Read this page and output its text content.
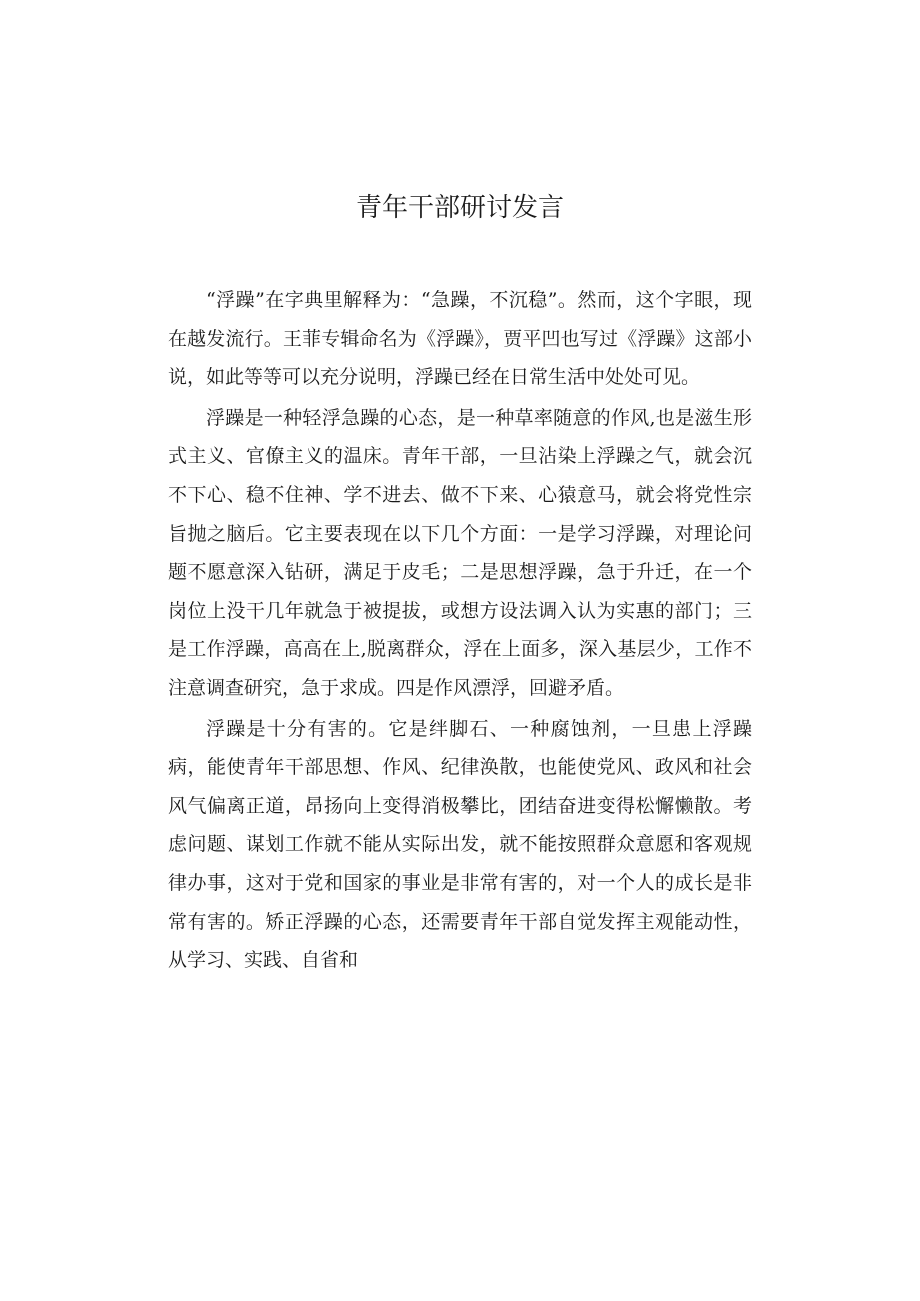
青年干部研讨发言

“浮躁”在字典里解释为：“急躁，不沉稳”。然而，这个字眼，现在越发流行。王菲专辑命名为《浮躁》，贾平凹也写过《浮躁》这部小说，如此等等可以充分说明，浮躁已经在日常生活中处处可见。

浮躁是一种轻浮急躁的心态，是一种草率随意的作风,也是滋生形式主义、官僚主义的温床。青年干部，一旦沾染上浮躁之气，就会沉不下心、稳不住神、学不进去、做不下来、心猿意马，就会将党性宗旨抛之脑后。它主要表现在以下几个方面：一是学习浮躁，对理论问题不愿意深入钻研，满足于皮毛；二是思想浮躁，急于升迁，在一个岗位上没干几年就急于被提拔，或想方设法调入认为实惠的部门；三是工作浮躁，高高在上,脱离群众，浮在上面多，深入基层少，工作不注意调查研究，急于求成。四是作风漂浮，回避矛盾。

浮躁是十分有害的。它是绊脚石、一种腐蚀剂，一旦患上浮躁病，能使青年干部思想、作风、纪律涣散，也能使党风、政风和社会风气偏离正道，昂扬向上变得消极攀比，团结奋进变得松懈懒散。考虑问题、谋划工作就不能从实际出发，就不能按照群众意愿和客观规律办事，这对于党和国家的事业是非常有害的，对一个人的成长是非常有害的。矫正浮躁的心态，还需要青年干部自觉发挥主观能动性，从学习、实践、自省和
